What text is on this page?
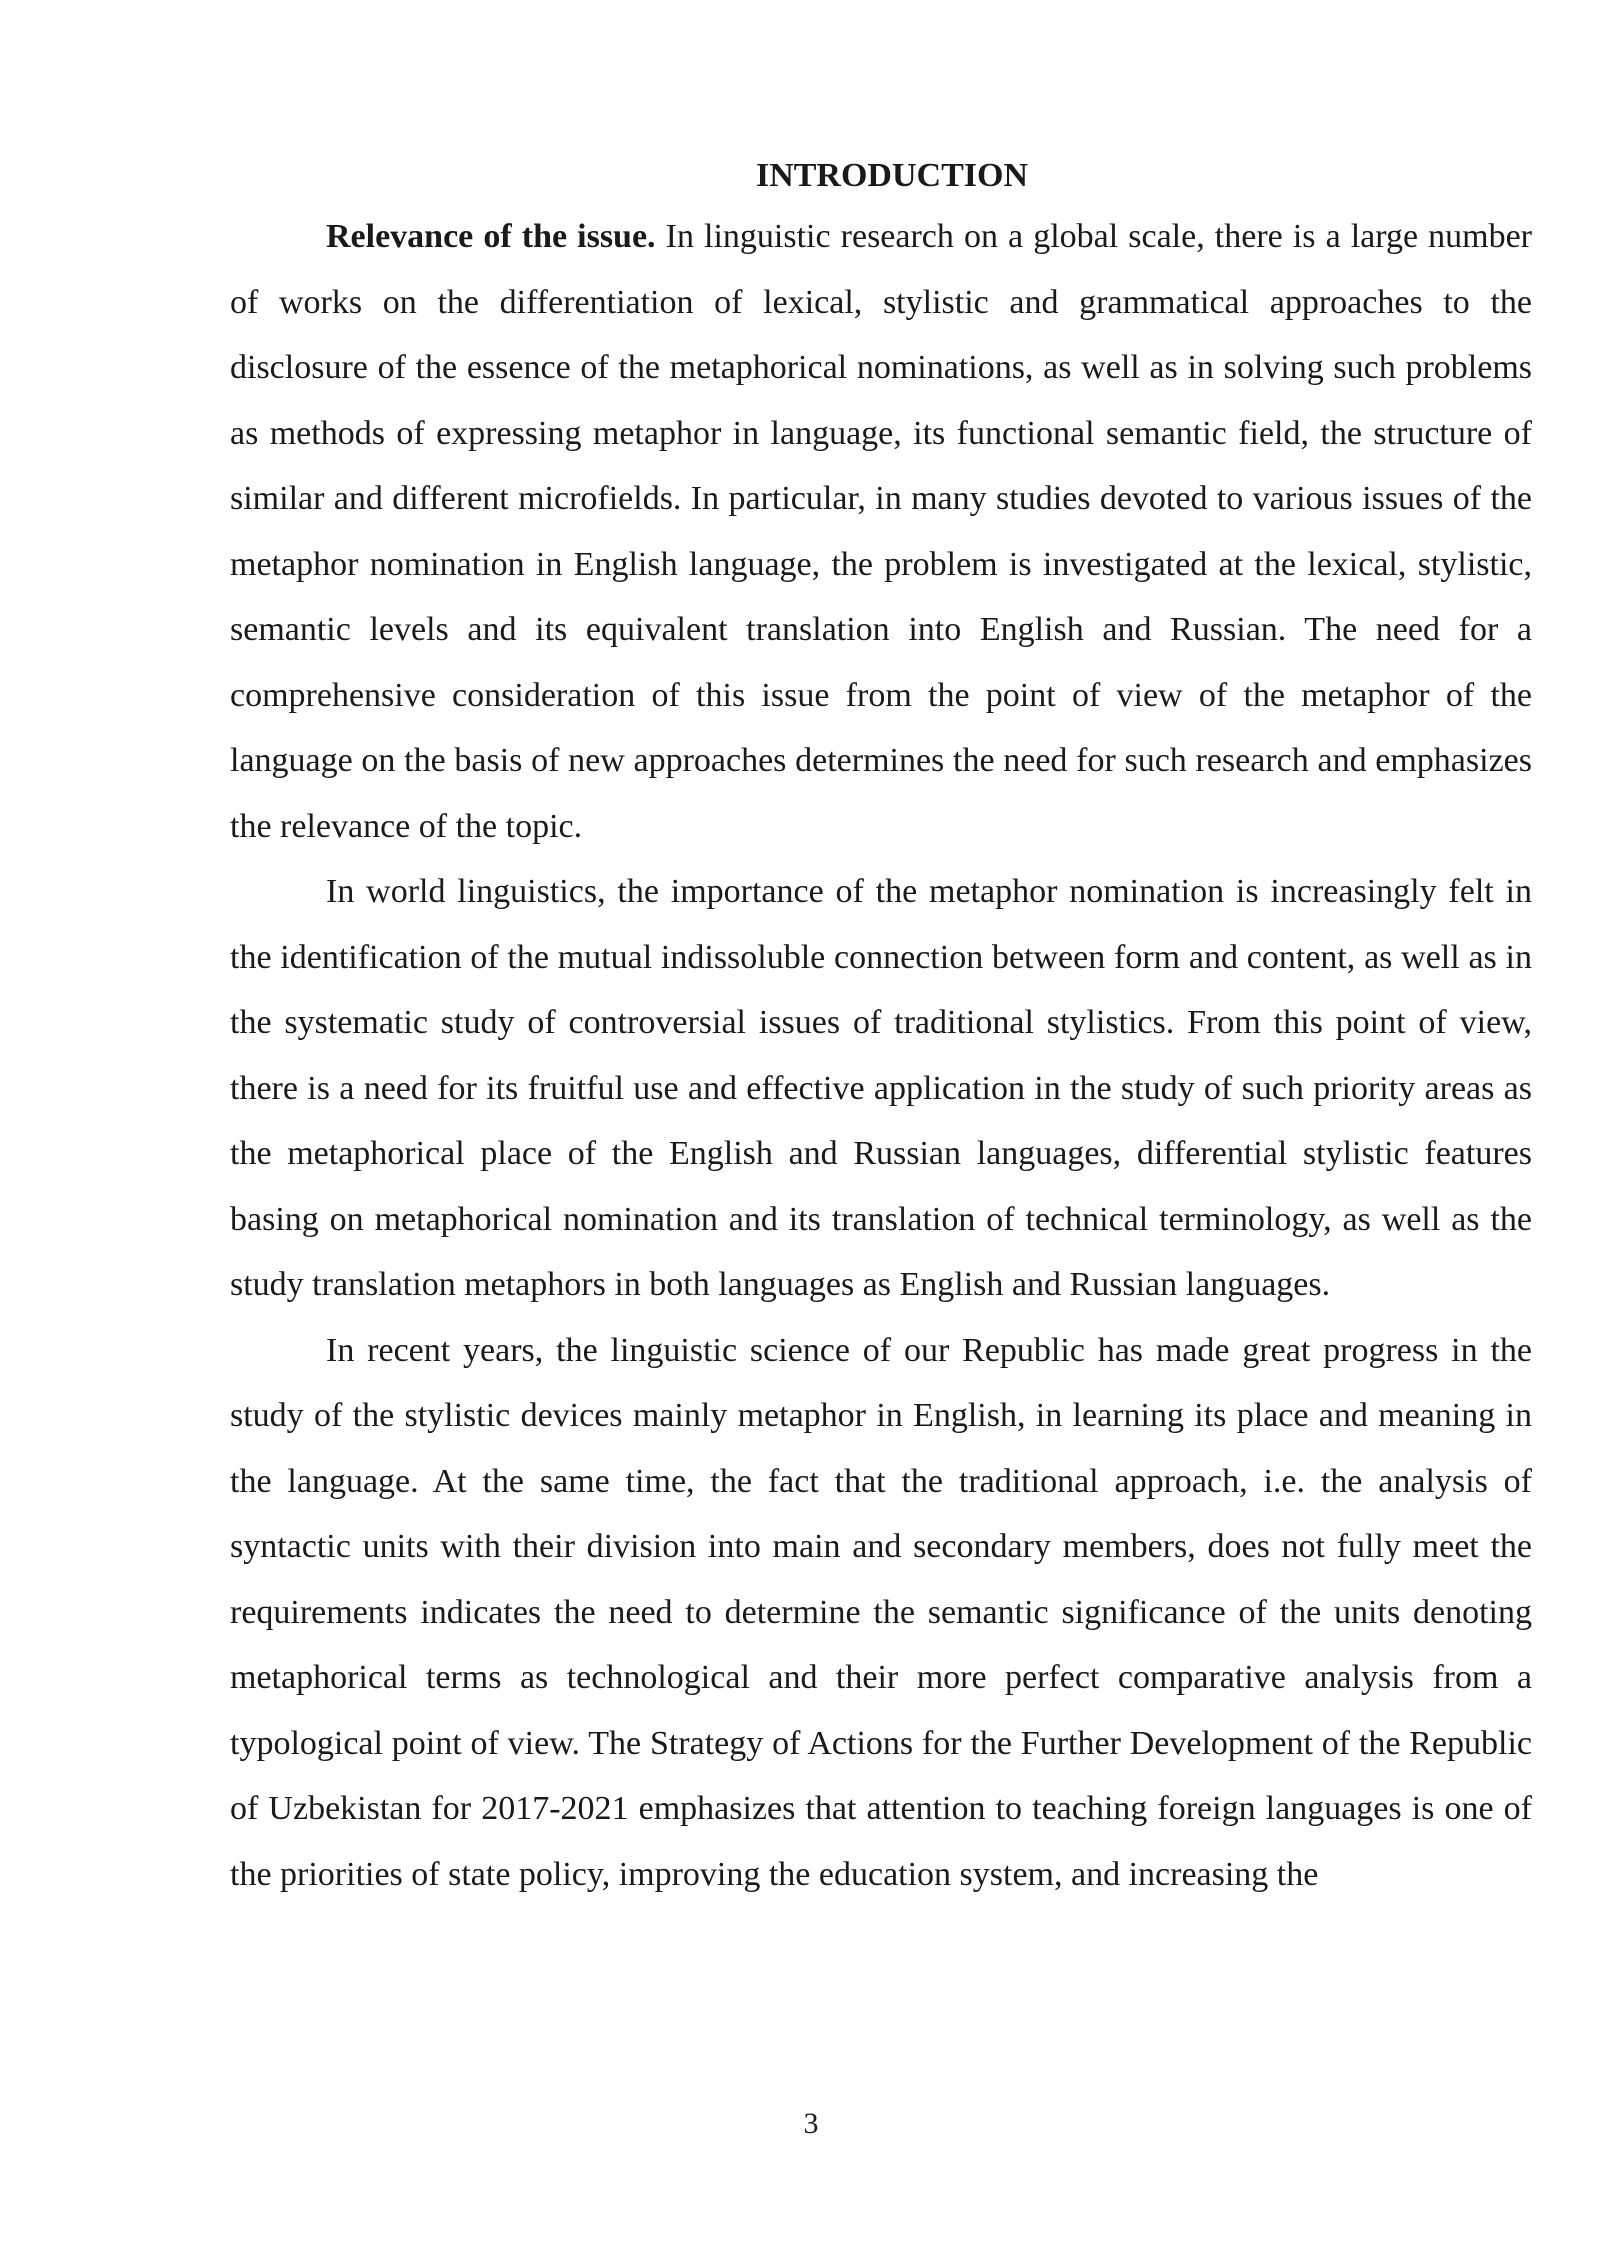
INTRODUCTION

Relevance of the issue. In linguistic research on a global scale, there is a large number of works on the differentiation of lexical, stylistic and grammatical approaches to the disclosure of the essence of the metaphorical nominations, as well as in solving such problems as methods of expressing metaphor in language, its functional semantic field, the structure of similar and different microfields. In particular, in many studies devoted to various issues of the metaphor nomination in English language, the problem is investigated at the lexical, stylistic, semantic levels and its equivalent translation into English and Russian. The need for a comprehensive consideration of this issue from the point of view of the metaphor of the language on the basis of new approaches determines the need for such research and emphasizes the relevance of the topic.

In world linguistics, the importance of the metaphor nomination is increasingly felt in the identification of the mutual indissoluble connection between form and content, as well as in the systematic study of controversial issues of traditional stylistics. From this point of view, there is a need for its fruitful use and effective application in the study of such priority areas as the metaphorical place of the English and Russian languages, differential stylistic features basing on metaphorical nomination and its translation of technical terminology, as well as the study translation metaphors in both languages as English and Russian languages.

In recent years, the linguistic science of our Republic has made great progress in the study of the stylistic devices mainly metaphor in English, in learning its place and meaning in the language. At the same time, the fact that the traditional approach, i.e. the analysis of syntactic units with their division into main and secondary members, does not fully meet the requirements indicates the need to determine the semantic significance of the units denoting metaphorical terms as technological and their more perfect comparative analysis from a typological point of view. The Strategy of Actions for the Further Development of the Republic of Uzbekistan for 2017-2021 emphasizes that attention to teaching foreign languages is one of the priorities of state policy, improving the education system, and increasing the

3
